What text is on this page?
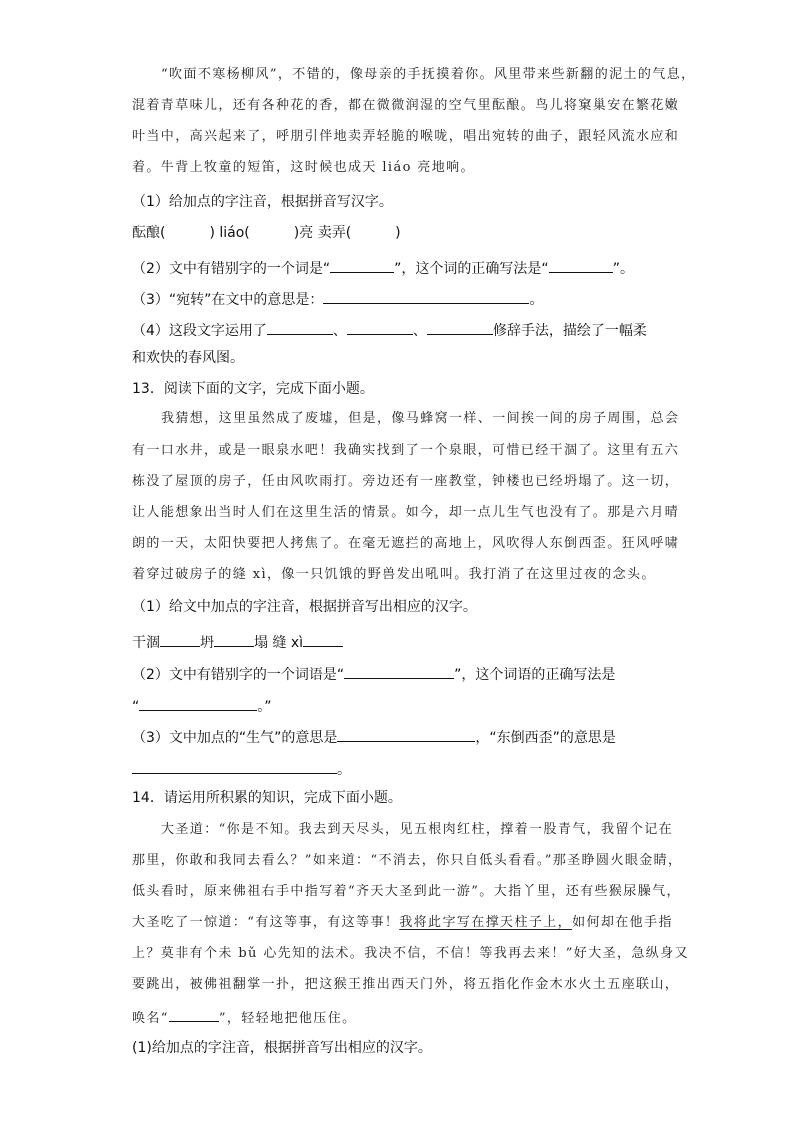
“吹面不寒杨柳风”，不错的，像母亲的手抚摸着你。风里带来些新翻的泥土的气息，
混着青草味儿，还有各种花的香，都在微微润湿的空气里酝酿。鸟儿将窠巢安在繁花嫩
叶当中，高兴起来了，呼朋引伴地卖弄轻脆的喉咙，唱出宛转的曲子，跟轻风流水应和
着。牛背上牧童的短笛，这时候也成天 liáo 亮地响。
（1）给加点的字注音，根据拼音写汉字。
酝酿(	) liáo(	)亮 卖弄(	)
（2）文中有错别字的一个词是“	”，这个词的正确写法是“	”。
（3）“宛转”在文中的意思是：	。
（4）这段文字运用了	、	、	修辞手法，描绘了一幅柔
和欢快的春风图。
13．阅读下面的文字，完成下面小题。
我猜想，这里虽然成了废墟，但是，像马蜂窝一样、一间挨一间的房子周围，总会
有一口水井，或是一眼泉水吧！我确实找到了一个泉眼，可惜已经干涸了。这里有五六
栋没了屋顶的房子，任由风吹雨打。旁边还有一座教堂，钟楼也已经坍塌了。这一切，
让人能想象出当时人们在这里生活的情景。如今，却一点儿生气也没有了。那是六月晴
朗的一天，太阳快要把人拷焦了。在毫无遮拦的高地上，风吹得人东倒西歪。狂风呼啸
着穿过破房子的缝 xì，像一只饥饿的野兽发出吼叫。我打消了在这里过夜的念头。
（1）给文中加点的字注音，根据拼音写出相应的汉字。
干涸	坍	塌 缝 xì
（2）文中有错别字的一个词语是“	”，这个词语的正确写法是
“	。”
（3）文中加点的“生气”的意思是	，“东倒西歪”的意思是
。
14．请运用所积累的知识，完成下面小题。
大圣道：“你是不知。我去到天尽头，见五根肉红柱，撑着一股青气，我留个记在
那里，你敢和我同去看么？”如来道：“不消去，你只自低头看看。”那圣睁圆火眼金睛，
低头看时，原来佛祖右手中指写着“齐天大圣到此一游”。大指丫里，还有些猴尿臊气，
大圣吃了一惊道：“有这等事，有这等事！我将此字写在撑天柱子上，如何却在他手指
上？莫非有个未 bǔ 心先知的法术。我决不信，不信！等我再去来！”好大圣，急纵身又
要跳出，被佛祖翻掌一扑，把这猴王推出西天门外，将五指化作金木水火土五座联山，
唤名“	”，轻轻地把他压住。
(1)给加点的字注音，根据拼音写出相应的汉字。
